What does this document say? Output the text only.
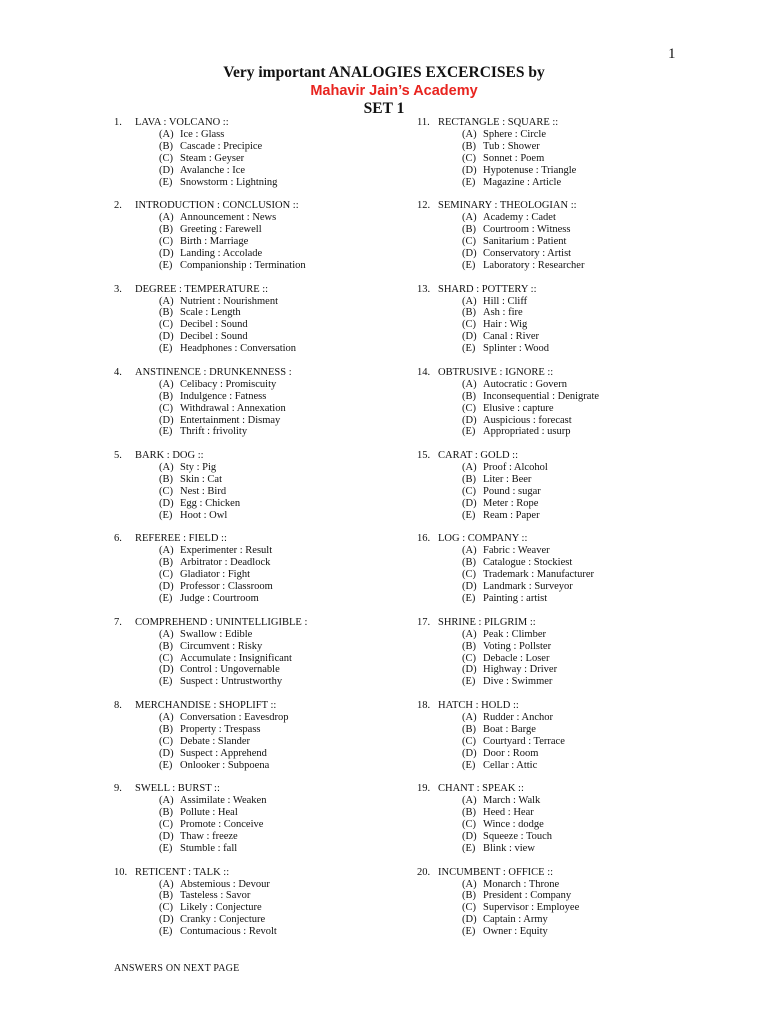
1
Very important ANALOGIES EXCERCISES by
Mahavir Jain’s Academy
SET 1
1.	LAVA : VOLCANO ::
(A) Ice : Glass
(B) Cascade : Precipice
(C) Steam : Geyser
(D) Avalanche : Ice
(E) Snowstorm : Lightning
2.	INTRODUCTION : CONCLUSION ::
(A) Announcement : News
(B) Greeting : Farewell
(C) Birth : Marriage
(D) Landing : Accolade
(E) Companionship : Termination
3.	DEGREE : TEMPERATURE ::
(A) Nutrient : Nourishment
(B) Scale : Length
(C) Decibel : Sound
(D) Decibel : Sound
(E) Headphones : Conversation
4.	ANSTINENCE : DRUNKENNESS :
(A) Celibacy : Promiscuity
(B) Indulgence : Fatness
(C) Withdrawal : Annexation
(D) Entertainment : Dismay
(E) Thrift : frivolity
5.	BARK : DOG ::
(A) Sty : Pig
(B) Skin : Cat
(C) Nest : Bird
(D) Egg : Chicken
(E) Hoot : Owl
6.	REFEREE : FIELD ::
(A) Experimenter : Result
(B) Arbitrator : Deadlock
(C) Gladiator : Fight
(D) Professor : Classroom
(E) Judge : Courtroom
7.	COMPREHEND : UNINTELLIGIBLE :
(A) Swallow : Edible
(B) Circumvent : Risky
(C) Accumulate : Insignificant
(D) Control : Ungovernable
(E) Suspect : Untrustworthy
8.	MERCHANDISE : SHOPLIFT ::
(A) Conversation : Eavesdrop
(B) Property : Trespass
(C) Debate : Slander
(D) Suspect : Apprehend
(E) Onlooker : Subpoena
9.	SWELL : BURST ::
(A) Assimilate : Weaken
(B) Pollute : Heal
(C) Promote : Conceive
(D) Thaw : freeze
(E) Stumble : fall
10. RETICENT : TALK ::
(A) Abstemious : Devour
(B) Tasteless : Savor
(C) Likely : Conjecture
(D) Cranky : Conjecture
(E) Contumacious : Revolt
11. RECTANGLE : SQUARE ::
(A) Sphere : Circle
(B) Tub : Shower
(C) Sonnet : Poem
(D) Hypotenuse : Triangle
(E) Magazine : Article
12. SEMINARY : THEOLOGIAN ::
(A) Academy : Cadet
(B) Courtroom : Witness
(C) Sanitarium : Patient
(D) Conservatory : Artist
(E) Laboratory : Researcher
13. SHARD : POTTERY ::
(A) Hill : Cliff
(B) Ash : fire
(C) Hair : Wig
(D) Canal : River
(E) Splinter : Wood
14. OBTRUSIVE : IGNORE ::
(A) Autocratic : Govern
(B) Inconsequential : Denigrate
(C) Elusive : capture
(D) Auspicious : forecast
(E) Appropriated : usurp
15. CARAT : GOLD ::
(A) Proof : Alcohol
(B) Liter : Beer
(C) Pound : sugar
(D) Meter : Rope
(E) Ream : Paper
16. LOG : COMPANY ::
(A) Fabric : Weaver
(B) Catalogue : Stockiest
(C) Trademark : Manufacturer
(D) Landmark : Surveyor
(E) Painting : artist
17. SHRINE : PILGRIM ::
(A) Peak : Climber
(B) Voting : Pollster
(C) Debacle : Loser
(D) Highway : Driver
(E) Dive : Swimmer
18. HATCH : HOLD ::
(A) Rudder : Anchor
(B) Boat : Barge
(C) Courtyard : Terrace
(D) Door : Room
(E) Cellar : Attic
19. CHANT : SPEAK ::
(A) March : Walk
(B) Heed : Hear
(C) Wince : dodge
(D) Squeeze : Touch
(E) Blink : view
20. INCUMBENT : OFFICE ::
(A) Monarch : Throne
(B) President : Company
(C) Supervisor : Employee
(D) Captain : Army
(E) Owner : Equity
ANSWERS ON NEXT PAGE
